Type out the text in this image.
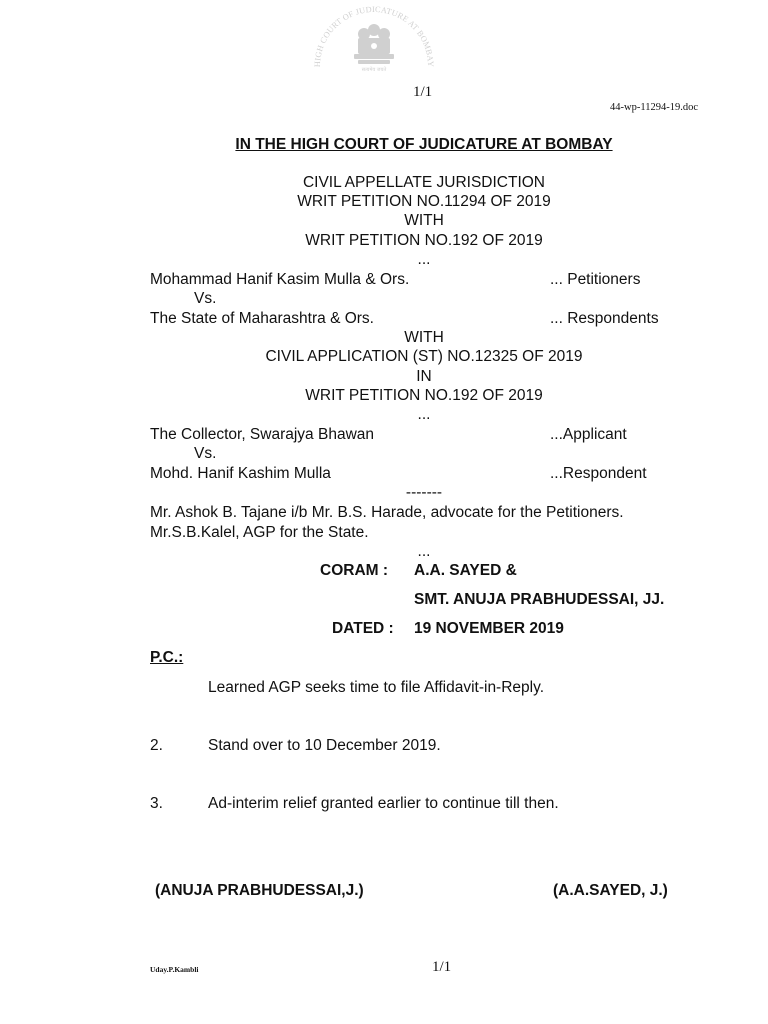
HIGH COURT OF JUDICATURE AT BOMBAY
सत्यमेव जयते
1/1
44-wp-11294-19.doc
IN THE HIGH COURT OF JUDICATURE AT BOMBAY
CIVIL APPELLATE JURISDICTION
WRIT PETITION NO.11294 OF 2019
WITH
WRIT PETITION NO.192 OF 2019
...
Mohammad Hanif Kasim Mulla & Ors.	... Petitioners
Vs.
The State of Maharashtra & Ors.	... Respondents
WITH
CIVIL APPLICATION (ST) NO.12325 OF 2019
IN
WRIT PETITION NO.192 OF 2019
...
The Collector, Swarajya Bhawan	...Applicant
Vs.
Mohd. Hanif Kashim Mulla	...Respondent
-------
Mr. Ashok B. Tajane i/b Mr. B.S. Harade, advocate for the Petitioners.
Mr.S.B.Kalel, AGP for the State.
...
CORAM : A.A. SAYED &
SMT. ANUJA PRABHUDESSAI, JJ.
DATED : 19 NOVEMBER 2019
P.C.:
Learned AGP seeks time to file Affidavit-in-Reply.
2.	Stand over to 10 December 2019.
3.	Ad-interim relief granted earlier to continue till then.
(ANUJA PRABHUDESSAI,J.)	(A.A.SAYED, J.)
Uday.P.Kambli	1/1
